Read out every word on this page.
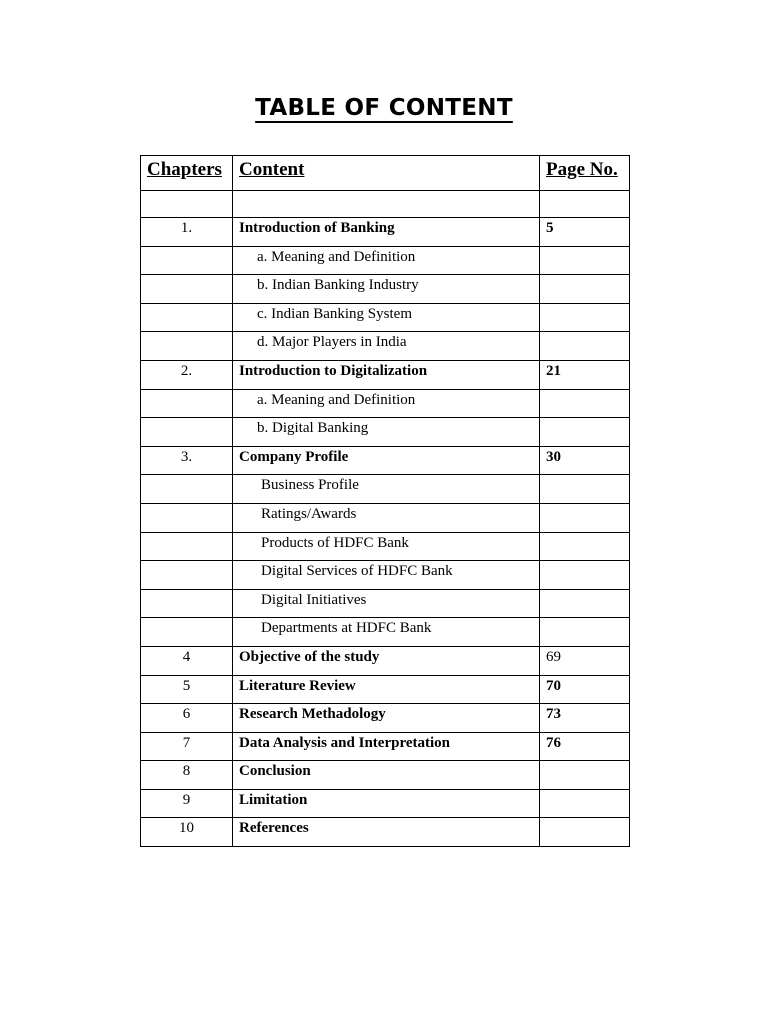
TABLE OF CONTENT
Chapters	Content	Page No.

1.	Introduction of Banking	5
	a. Meaning and Definition	
	b. Indian Banking Industry	
	c. Indian Banking System	
	d. Major Players in India	
2.	Introduction to Digitalization	21
	a. Meaning and Definition	
	b. Digital Banking	
3.	Company Profile	30
	Business Profile	
	Ratings/Awards	
	Products of HDFC Bank	
	Digital Services of HDFC Bank	
	Digital Initiatives	
	Departments at HDFC Bank	
4	Objective of the study	69
5	Literature Review	70
6	Research Methadology	73
7	Data Analysis and Interpretation	76
8	Conclusion	
9	Limitation	
10	References	
